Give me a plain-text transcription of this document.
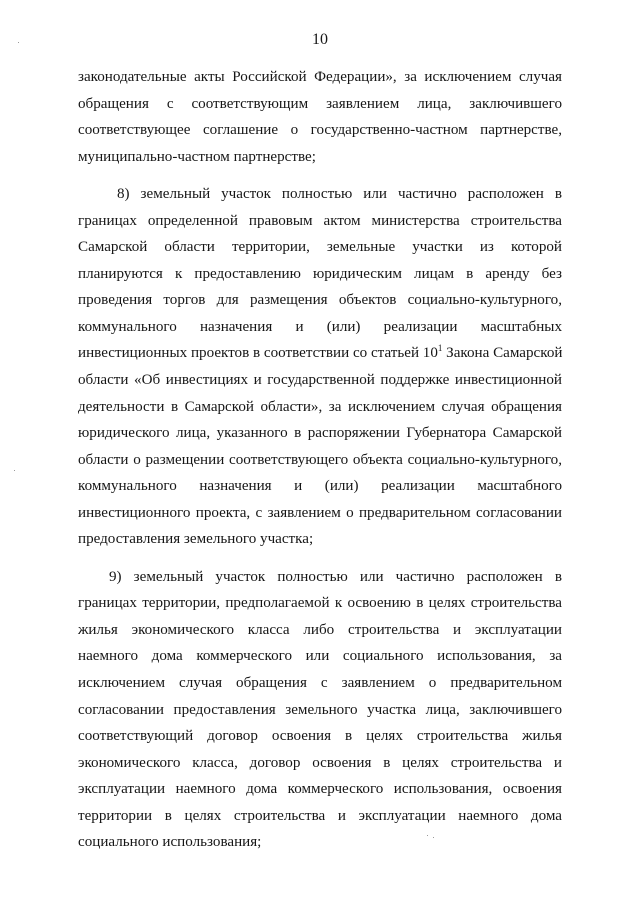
10
законодательные акты Российской Федерации», за исключением случая
обращения с соответствующим заявлением лица, заключившего
соответствующее соглашение о государственно-частном партнерстве,
муниципально-частном партнерстве;
8) земельный участок полностью или частично расположен в
границах определенной правовым актом министерства строительства
Самарской области территории, земельные участки из которой
планируются к предоставлению юридическим лицам в аренду без
проведения торгов для размещения объектов социально-культурного,
коммунального назначения и (или) реализации масштабных
инвестиционных проектов в соответствии со статьей $10^1$ Закона Самарской
области «Об инвестициях и государственной поддержке инвестиционной
деятельности в Самарской области», за исключением случая обращения
юридического лица, указанного в распоряжении Губернатора Самарской
области о размещении соответствующего объекта социально-культурного,
коммунального назначения и (или) реализации масштабного
инвестиционного проекта, с заявлением о предварительном согласовании
предоставления земельного участка;
9) земельный участок полностью или частично расположен в
границах территории, предполагаемой к освоению в целях строительства
жилья экономического класса либо строительства и эксплуатации
наемного дома коммерческого или социального использования, за
исключением случая обращения с заявлением о предварительном
согласовании предоставления земельного участка лица, заключившего
соответствующий договор освоения в целях строительства жилья
экономического класса, договор освоения в целях строительства и
эксплуатации наемного дома коммерческого использования, освоения
территории в целях строительства и эксплуатации наемного дома
социального использования;
